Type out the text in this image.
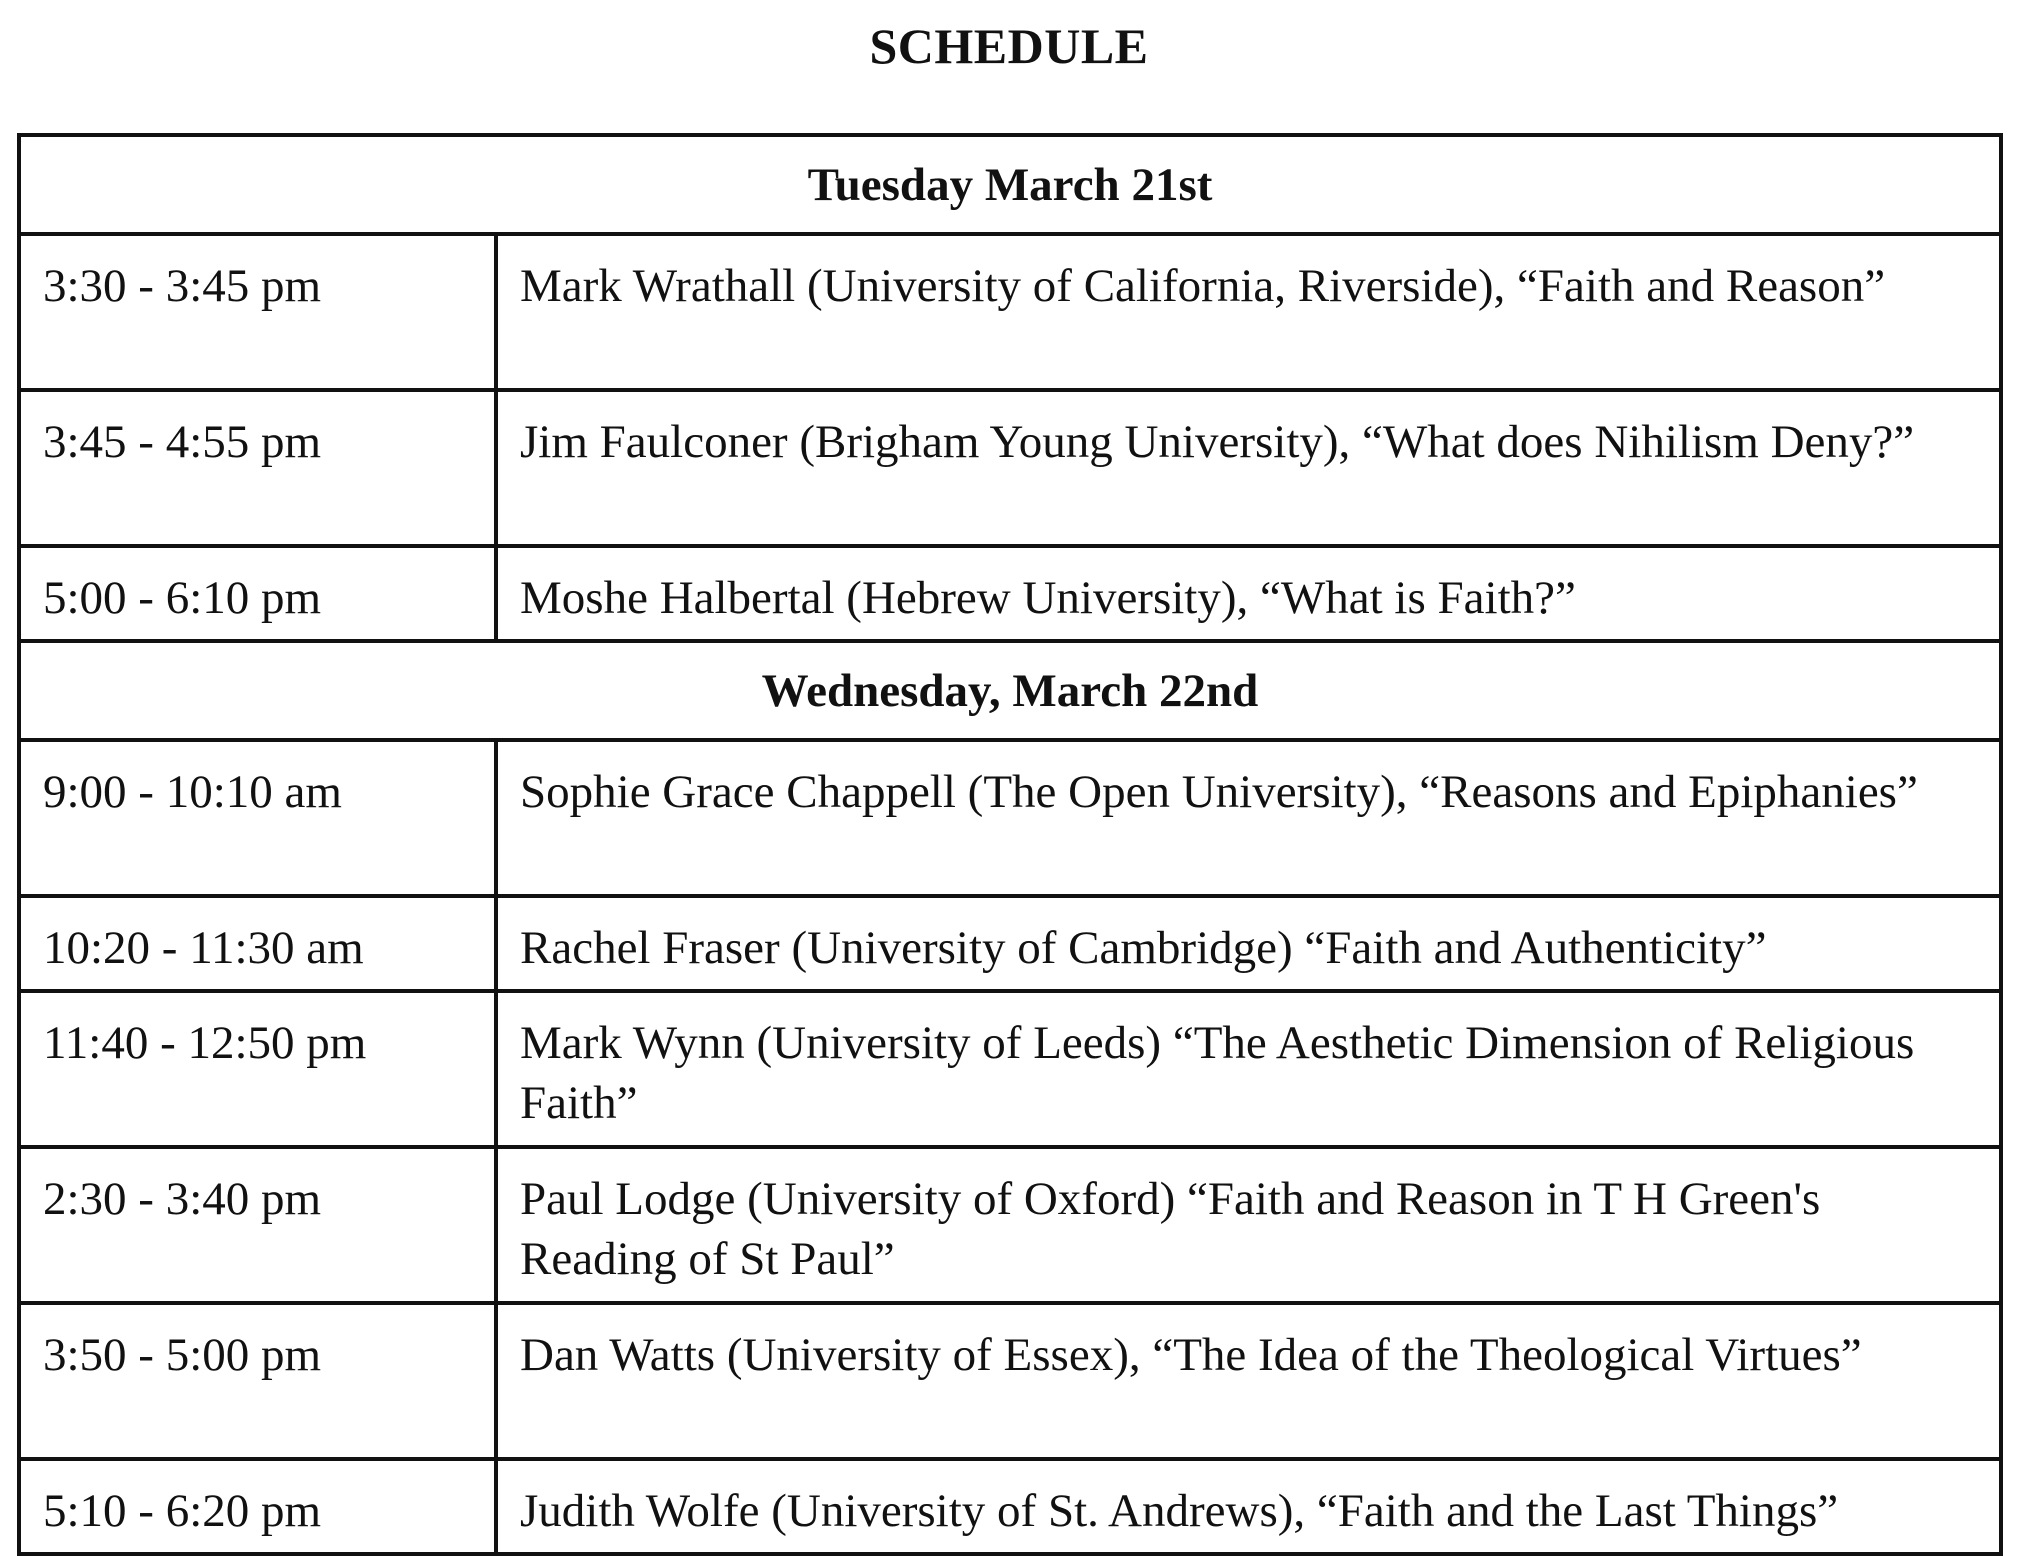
SCHEDULE
Tuesday March 21st	
3:30 - 3:45 pm	Mark Wrathall (University of California, Riverside), “Faith and Reason”
3:45 - 4:55 pm	Jim Faulconer (Brigham Young University), “What does Nihilism Deny?”
5:00 - 6:10 pm	Moshe Halbertal (Hebrew University), “What is Faith?”
Wednesday, March 22nd	
9:00 - 10:10 am	Sophie Grace Chappell (The Open University), “Reasons and Epiphanies”
10:20 - 11:30 am	Rachel Fraser (University of Cambridge) “Faith and Authenticity”
11:40 - 12:50 pm	Mark Wynn (University of Leeds) “The Aesthetic Dimension of Religious Faith”
2:30 - 3:40 pm	Paul Lodge (University of Oxford) “Faith and Reason in T H Green's Reading of St Paul”
3:50 - 5:00 pm	Dan Watts (University of Essex), “The Idea of the Theological Virtues”
5:10 - 6:20 pm	Judith Wolfe (University of St. Andrews), “Faith and the Last Things”
